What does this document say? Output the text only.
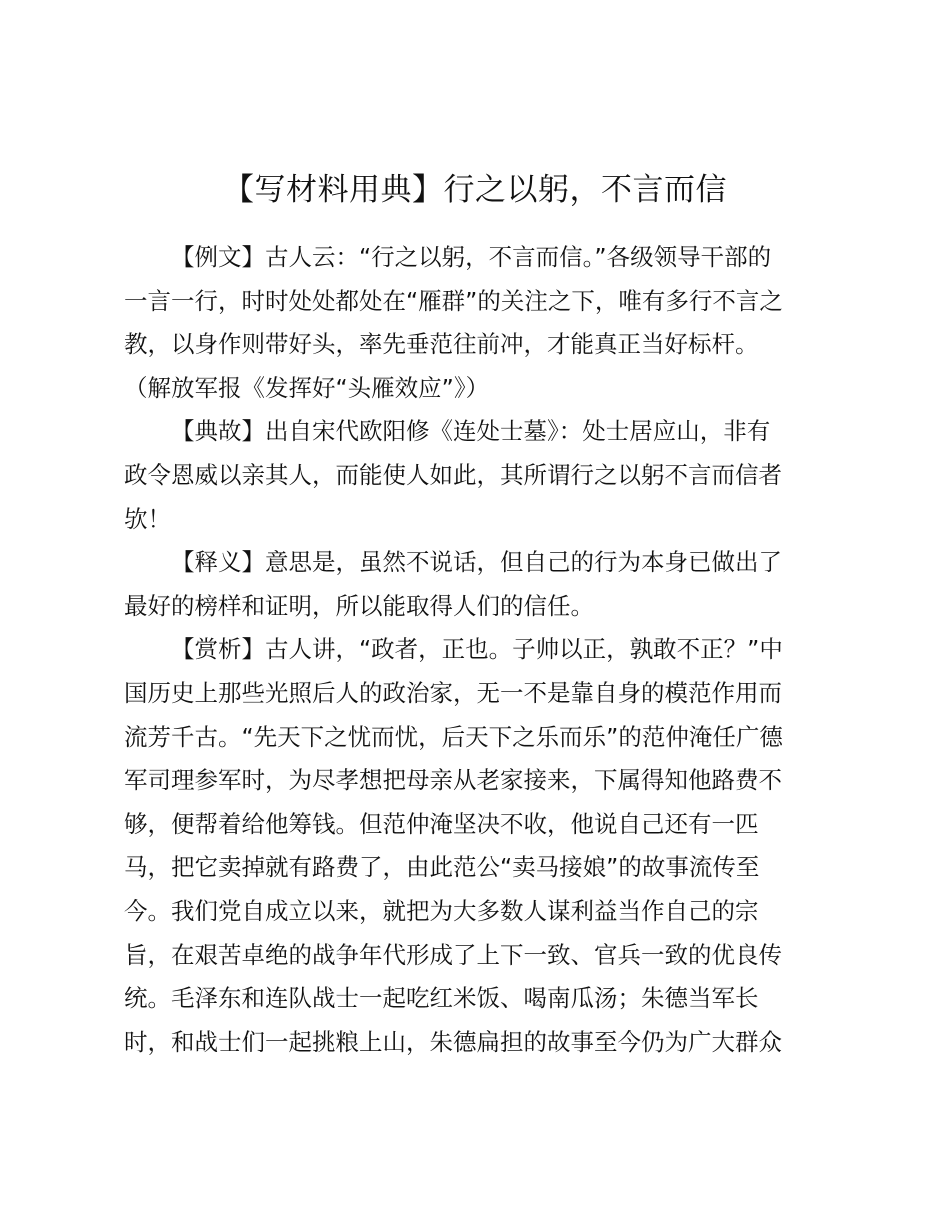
【写材料用典】行之以躬，不言而信
【例文】古人云：“行之以躬，不言而信。”各级领导干部的
一言一行，时时处处都处在“雁群”的关注之下，唯有多行不言之
教，以身作则带好头，率先垂范往前冲，才能真正当好标杆。
（解放军报《发挥好“头雁效应”》）
【典故】出自宋代欧阳修《连处士墓》：处士居应山，非有
政令恩威以亲其人，而能使人如此，其所谓行之以躬不言而信者
欤！
【释义】意思是，虽然不说话，但自己的行为本身已做出了
最好的榜样和证明，所以能取得人们的信任。
【赏析】古人讲，“政者，正也。子帅以正，孰敢不正？”中
国历史上那些光照后人的政治家，无一不是靠自身的模范作用而
流芳千古。“先天下之忧而忧，后天下之乐而乐”的范仲淹任广德
军司理参军时，为尽孝想把母亲从老家接来，下属得知他路费不
够，便帮着给他筹钱。但范仲淹坚决不收，他说自己还有一匹
马，把它卖掉就有路费了，由此范公“卖马接娘”的故事流传至
今。我们党自成立以来，就把为大多数人谋利益当作自己的宗
旨，在艰苦卓绝的战争年代形成了上下一致、官兵一致的优良传
统。毛泽东和连队战士一起吃红米饭、喝南瓜汤；朱德当军长
时，和战士们一起挑粮上山，朱德扁担的故事至今仍为广大群众
